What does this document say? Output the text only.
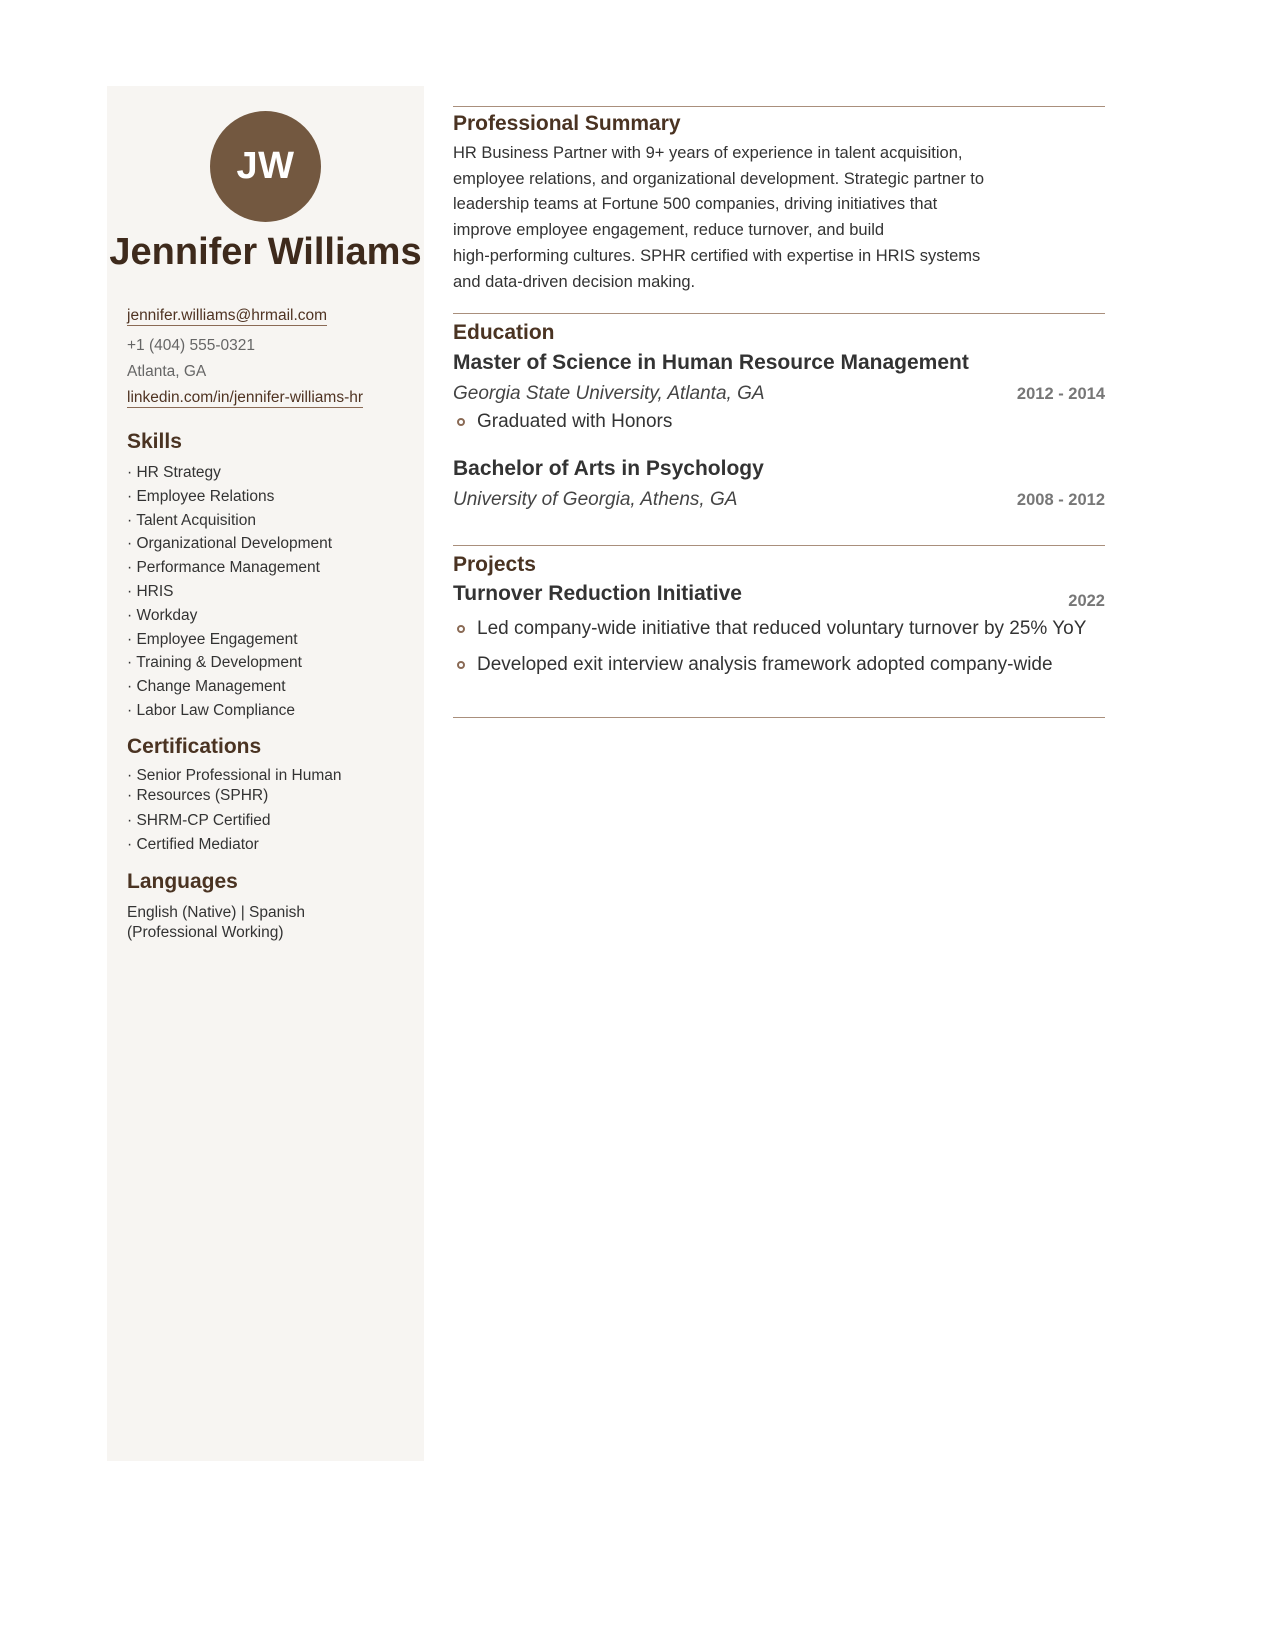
JW
Jennifer Williams
jennifer.williams@hrmail.com
+1 (404) 555-0321
Atlanta, GA
linkedin.com/in/jennifer-williams-hr
Skills
· HR Strategy
· Employee Relations
· Talent Acquisition
· Organizational Development
· Performance Management
· HRIS
· Workday
· Employee Engagement
· Training & Development
· Change Management
· Labor Law Compliance
Certifications
· Senior Professional in Human
· Resources (SPHR)
· SHRM-CP Certified
· Certified Mediator
Languages
English (Native) | Spanish
(Professional Working)
Professional Summary
HR Business Partner with 9+ years of experience in talent acquisition,
employee relations, and organizational development. Strategic partner to
leadership teams at Fortune 500 companies, driving initiatives that
improve employee engagement, reduce turnover, and build
high-performing cultures. SPHR certified with expertise in HRIS systems
and data-driven decision making.
Education
Master of Science in Human Resource Management
Georgia State University, Atlanta, GA	2012 - 2014
Graduated with Honors
Bachelor of Arts in Psychology
University of Georgia, Athens, GA	2008 - 2012
Projects
Turnover Reduction Initiative	2022
Led company-wide initiative that reduced voluntary turnover by 25% YoY
Developed exit interview analysis framework adopted company-wide
